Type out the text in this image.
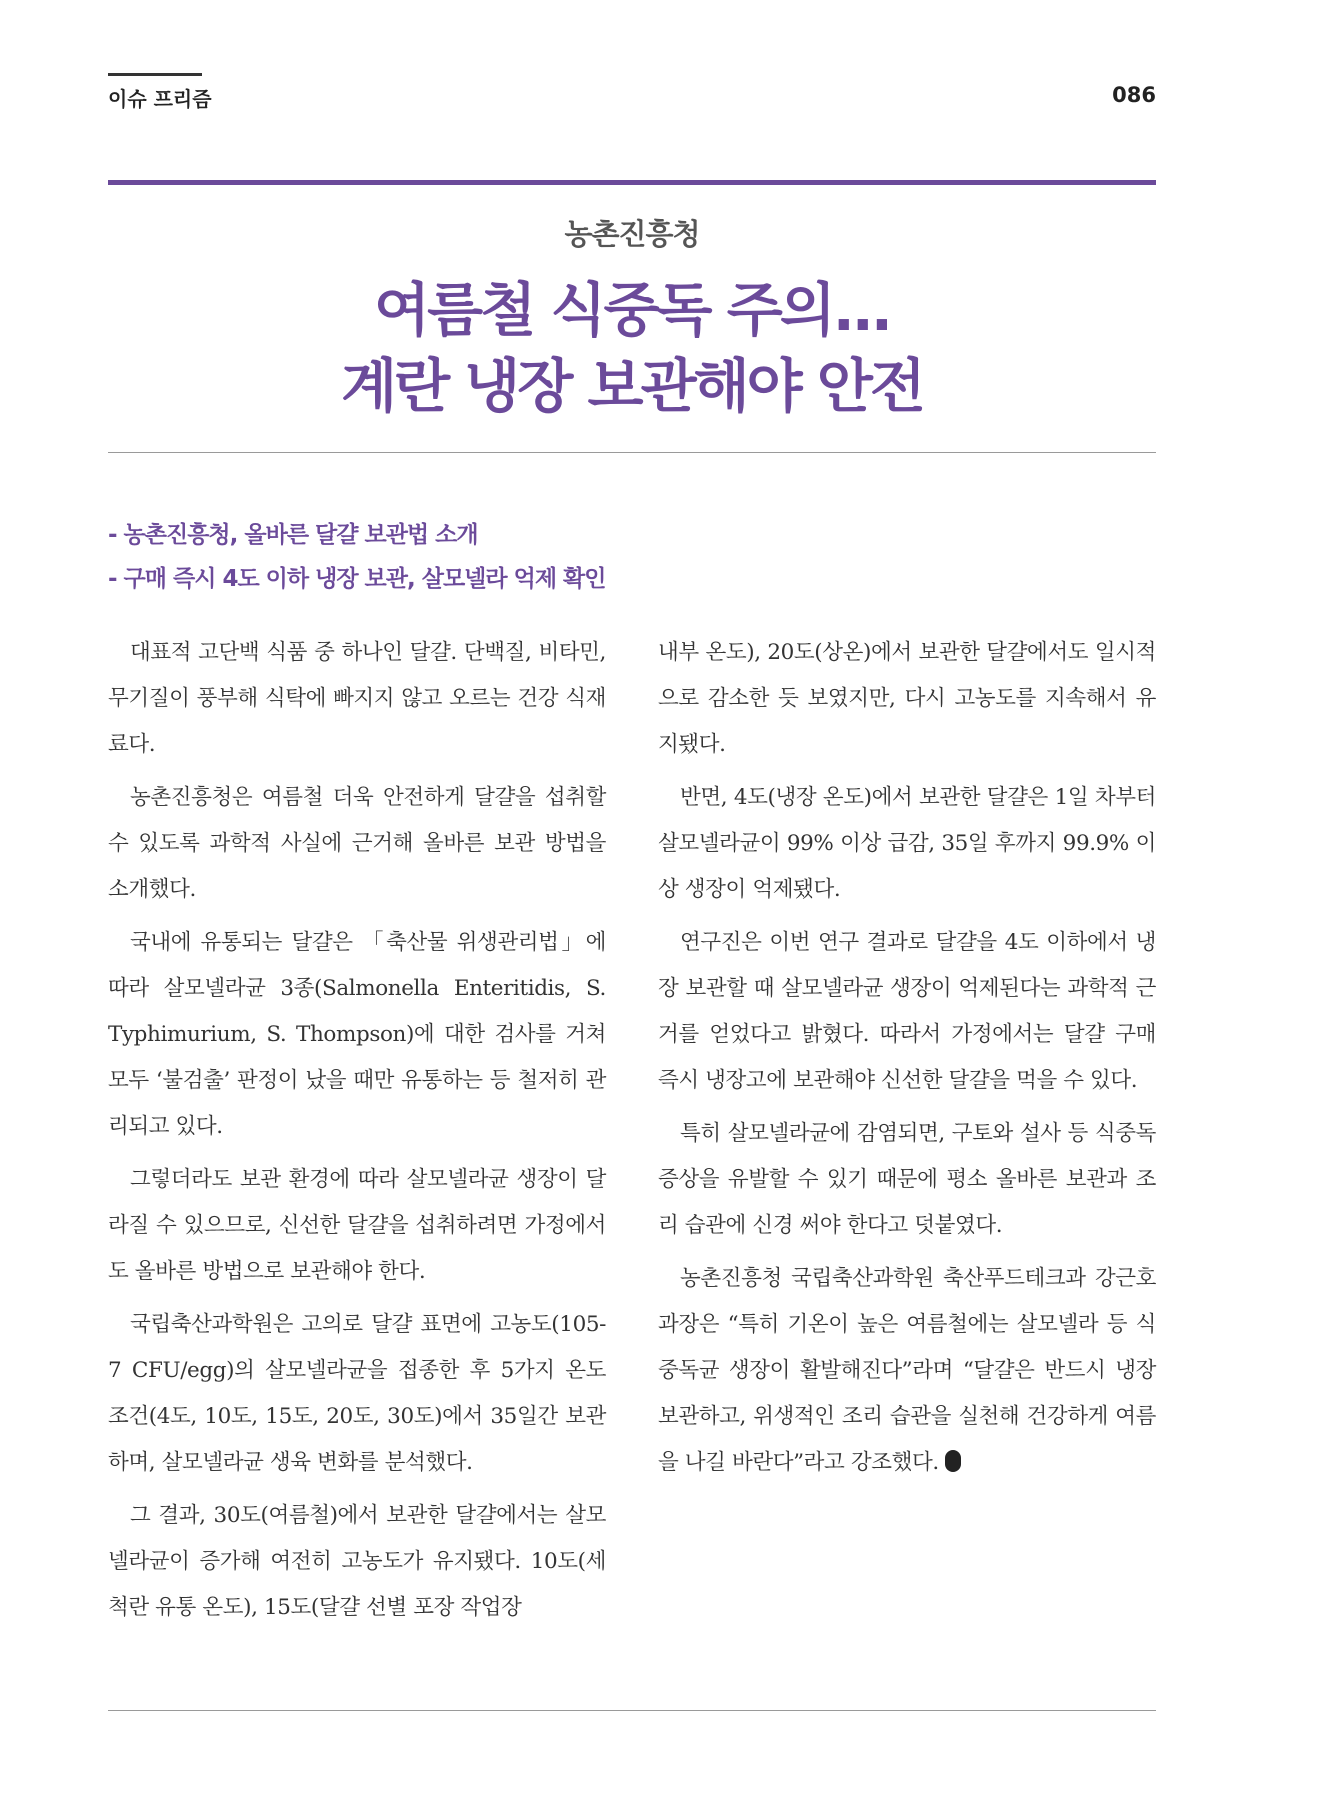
이슈 프리즘	086
농촌진흥청
여름철 식중독 주의...
계란 냉장 보관해야 안전
- 농촌진흥청, 올바른 달걀 보관법 소개
- 구매 즉시 4도 이하 냉장 보관, 살모넬라 억제 확인

대표적 고단백 식품 중 하나인 달걀. 단백질, 비타민, 무기질이 풍부해 식탁에 빠지지 않고 오르는 건강 식재료다.

농촌진흥청은 여름철 더욱 안전하게 달걀을 섭취할 수 있도록 과학적 사실에 근거해 올바른 보관 방법을 소개했다.

국내에 유통되는 달걀은 「축산물 위생관리법」에 따라 살모넬라균 3종(Salmonella Enteritidis, S. Typhimurium, S. Thompson)에 대한 검사를 거쳐 모두 ‘불검출’ 판정이 났을 때만 유통하는 등 철저히 관리되고 있다.

그렇더라도 보관 환경에 따라 살모넬라균 생장이 달라질 수 있으므로, 신선한 달걀을 섭취하려면 가정에서도 올바른 방법으로 보관해야 한다.

국립축산과학원은 고의로 달걀 표면에 고농도(105-7 CFU/egg)의 살모넬라균을 접종한 후 5가지 온도 조건(4도, 10도, 15도, 20도, 30도)에서 35일간 보관하며, 살모넬라균 생육 변화를 분석했다.

그 결과, 30도(여름철)에서 보관한 달걀에서는 살모넬라균이 증가해 여전히 고농도가 유지됐다. 10도(세척란 유통 온도), 15도(달걀 선별 포장 작업장

내부 온도), 20도(상온)에서 보관한 달걀에서도 일시적으로 감소한 듯 보였지만, 다시 고농도를 지속해서 유지됐다.

반면, 4도(냉장 온도)에서 보관한 달걀은 1일 차부터 살모넬라균이 99% 이상 급감, 35일 후까지 99.9% 이상 생장이 억제됐다.

연구진은 이번 연구 결과로 달걀을 4도 이하에서 냉장 보관할 때 살모넬라균 생장이 억제된다는 과학적 근거를 얻었다고 밝혔다. 따라서 가정에서는 달걀 구매 즉시 냉장고에 보관해야 신선한 달걀을 먹을 수 있다.

특히 살모넬라균에 감염되면, 구토와 설사 등 식중독 증상을 유발할 수 있기 때문에 평소 올바른 보관과 조리 습관에 신경 써야 한다고 덧붙였다.

농촌진흥청 국립축산과학원 축산푸드테크과 강근호 과장은 “특히 기온이 높은 여름철에는 살모넬라 등 식중독균 생장이 활발해진다”라며 “달걀은 반드시 냉장 보관하고, 위생적인 조리 습관을 실천해 건강하게 여름을 나길 바란다”라고 강조했다.
